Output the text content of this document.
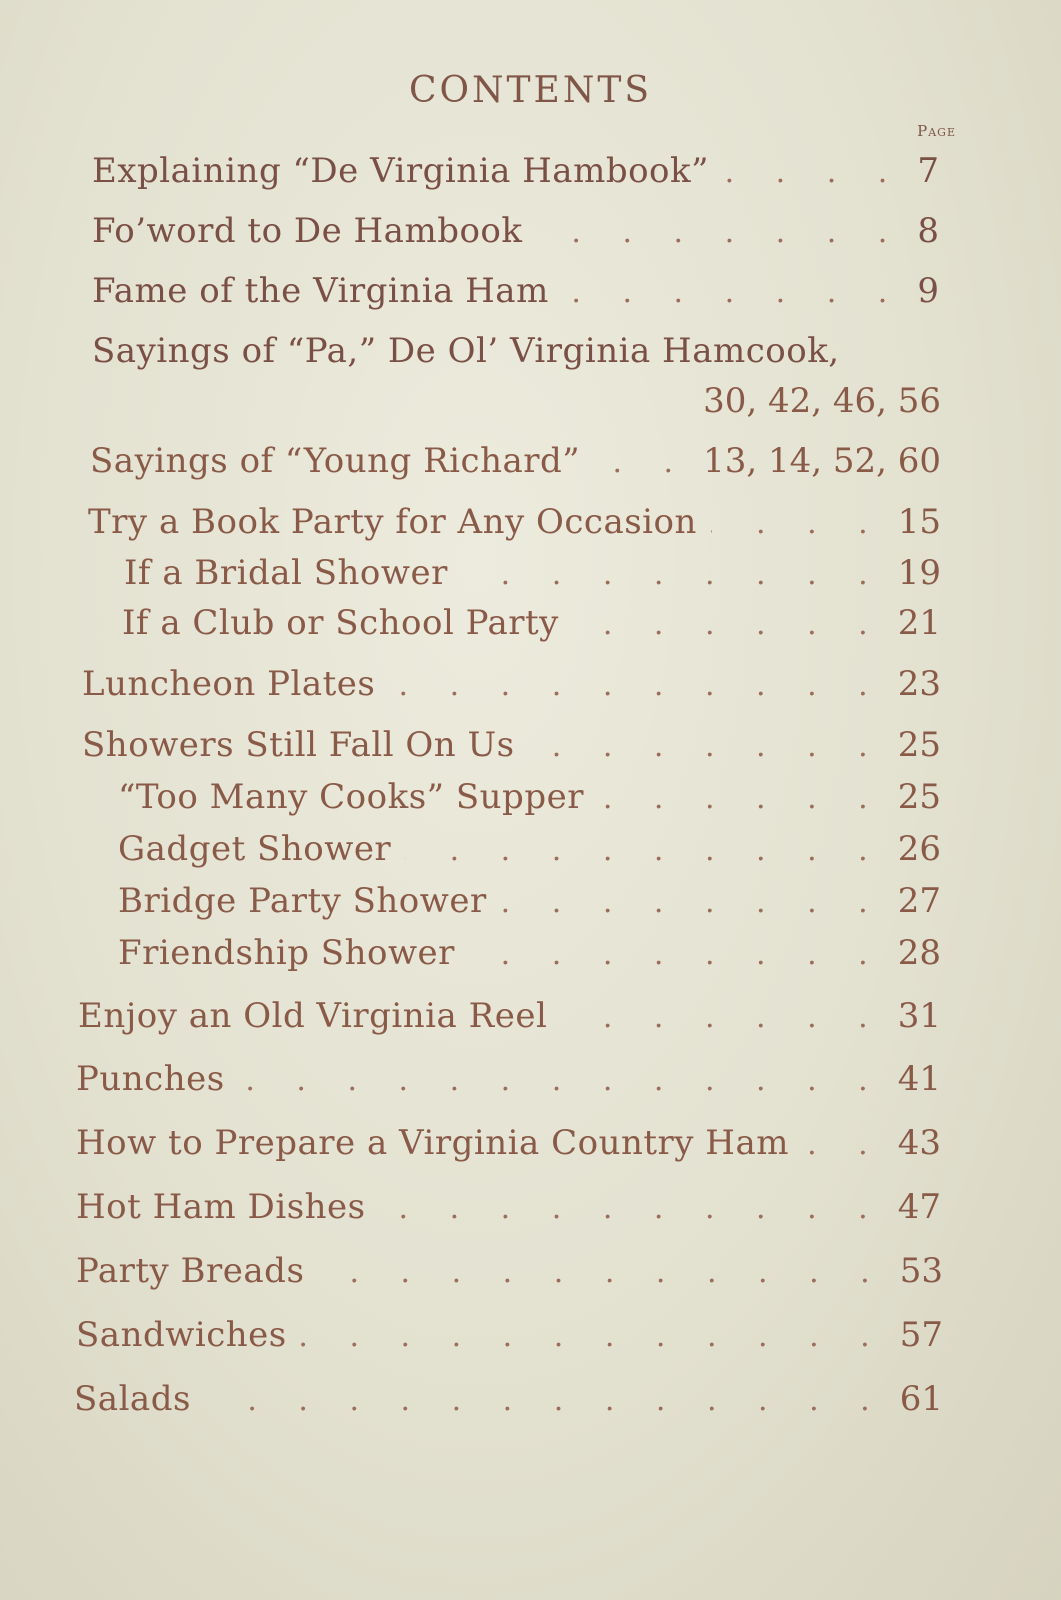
CONTENTS
Page
Explaining “De Virginia Hambook” . . .	7
Fo’word to De Hambook . . .	8
Fame of the Virginia Ham . . .	9
Sayings of “Pa,” De Ol’ Virginia Hamcook,
30, 42, 46, 56
Sayings of “Young Richard” . . .	13, 14, 52, 60
Try a Book Party for Any Occasion . . .	15
If a Bridal Shower . . .	19
If a Club or School Party . . .	21
Luncheon Plates . . .	23
Showers Still Fall On Us . . .	25
“Too Many Cooks” Supper . . .	25
Gadget Shower . . .	26
Bridge Party Shower . . .	27
Friendship Shower . . .	28
Enjoy an Old Virginia Reel . . .	31
Punches . . .	41
How to Prepare a Virginia Country Ham . . .	43
Hot Ham Dishes . . .	47
Party Breads . . .	53
Sandwiches . . .	57
Salads . . .	61
